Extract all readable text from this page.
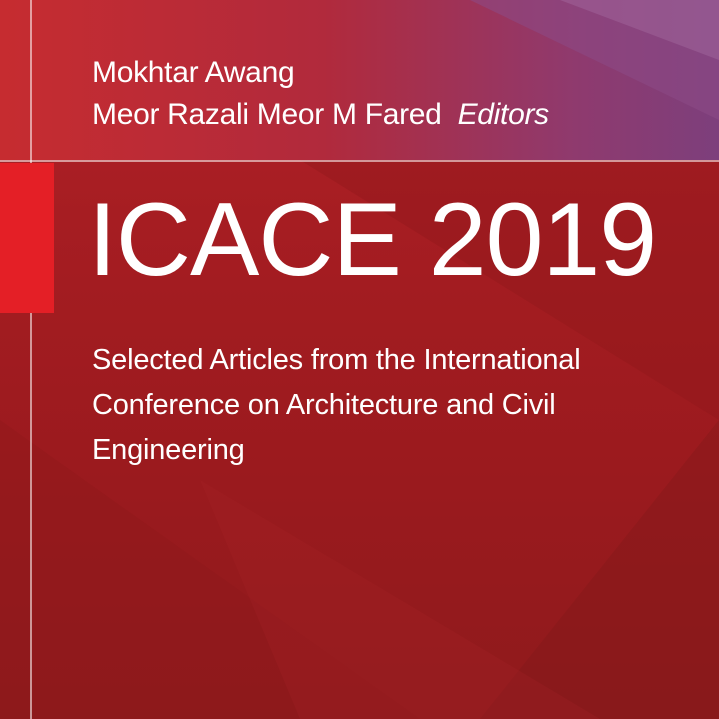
Mokhtar Awang
Meor Razali Meor M Fared Editors
ICACE 2019
Selected Articles from the International Conference on Architecture and Civil Engineering
